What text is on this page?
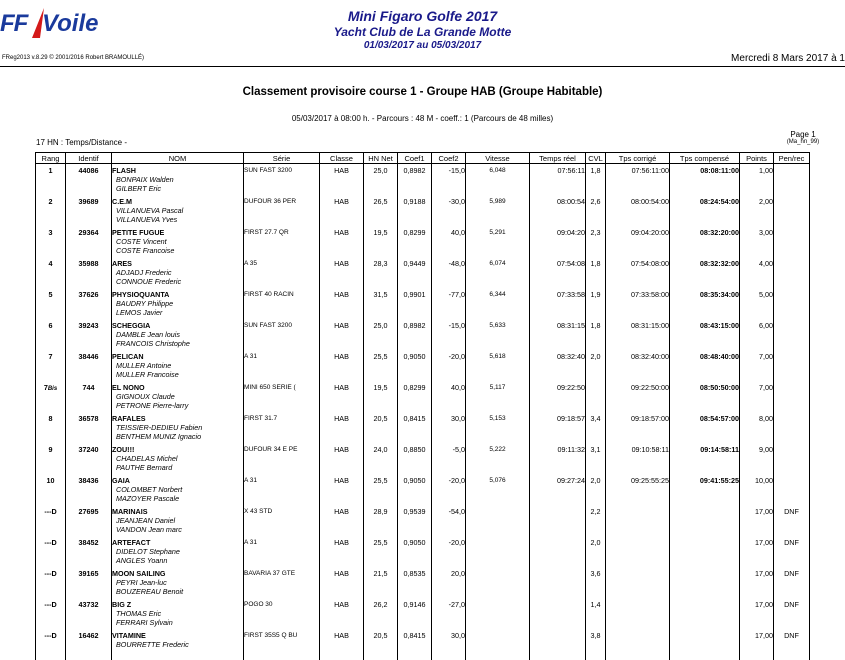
FF Voile
FReg2013 v.8.29 © 2001/2016 Robert BRAMOULLÉ)
Mini Figaro Golfe 2017
Yacht Club de La Grande Motte
01/03/2017 au 05/03/2017
Mercredi 8 Mars 2017 à 1
Classement provisoire course 1 - Groupe HAB (Groupe Habitable)
05/03/2017 à 08:00 h. - Parcours : 48 M - coeff.: 1 (Parcours de 48 milles)
17 HN : Temps/Distance -
Page 1
(Ma_hn_99)
Rang	Identif	NOM	Série	Classe	HN Net	Coef1	Coef2	Vitesse	Temps réel	CVL	Tps corrigé	Tps compensé	Points	Pen/rec

1	44086	FLASH
BONPAIX Walden
GILBERT Eric	SUN FAST 3200	HAB	25,0	0,8982	-15,0	6,048	07:56:11	1,8	07:56:11:00	08:08:11:00	1,00	

2	39689	C.E.M
VILLANUEVA Pascal
VILLANUEVA Yves	DUFOUR 36 PER	HAB	26,5	0,9188	-30,0	5,989	08:00:54	2,6	08:00:54:00	08:24:54:00	2,00	

3	29364	PETITE FUGUE
COSTE Vincent
COSTE Francoise	FIRST 27.7 QR	HAB	19,5	0,8299	40,0	5,291	09:04:20	2,3	09:04:20:00	08:32:20:00	3,00	

4	35988	ARES
ADJADJ Frederic
CONNOUE Frederic	A 35	HAB	28,3	0,9449	-48,0	6,074	07:54:08	1,8	07:54:08:00	08:32:32:00	4,00	

5	37626	PHYSIOQUANTA
BAUDRY Philippe
LEMOS Javier	FIRST 40 RACIN	HAB	31,5	0,9901	-77,0	6,344	07:33:58	1,9	07:33:58:00	08:35:34:00	5,00	

6	39243	SCHEGGIA
DAMBLE Jean louis
FRANCOIS Christophe	SUN FAST 3200	HAB	25,0	0,8982	-15,0	5,633	08:31:15	1,8	08:31:15:00	08:43:15:00	6,00	

7	38446	PELICAN
MULLER Antoine
MULLER Francoise	A 31	HAB	25,5	0,9050	-20,0	5,618	08:32:40	2,0	08:32:40:00	08:48:40:00	7,00	

7Bis	744	EL NONO
GIGNOUX Claude
PETRONE Pierre-larry	MINI 650 SERIE (	HAB	19,5	0,8299	40,0	5,117	09:22:50		09:22:50:00	08:50:50:00	7,00	

8	36578	RAFALES
TEISSIER-DEDIEU Fabien
BENTHEM MUNIZ Ignacio	FIRST 31.7	HAB	20,5	0,8415	30,0	5,153	09:18:57	3,4	09:18:57:00	08:54:57:00	8,00	

9	37240	ZOU!!!
CHADELAS Michel
PAUTHE Bernard	DUFOUR 34 E PE	HAB	24,0	0,8850	-5,0	5,222	09:11:32	3,1	09:10:58:11	09:14:58:11	9,00	

10	38436	GAIA
COLOMBET Norbert
MAZOYER Pascale	A 31	HAB	25,5	0,9050	-20,0	5,076	09:27:24	2,0	09:25:55:25	09:41:55:25	10,00	

---D	27695	MARINAIS
JEANJEAN Daniel
VANDON Jean marc	X 43 STD	HAB	28,9	0,9539	-54,0			2,2			17,00	DNF

---D	38452	ARTEFACT
DIDELOT Stephane
ANGLES Yoann	A 31	HAB	25,5	0,9050	-20,0			2,0			17,00	DNF

---D	39165	MOON SAILING
PEYRI Jean-luc
BOUZEREAU Benoit	BAVARIA 37 GTE	HAB	21,5	0,8535	20,0			3,6			17,00	DNF

---D	43732	BIG Z
THOMAS Eric
FERRARI Sylvain	POGO 30	HAB	26,2	0,9146	-27,0			1,4			17,00	DNF

---D	16462	VITAMINE
BOURRETTE Frederic	FIRST 35S5 Q BU	HAB	20,5	0,8415	30,0			3,8			17,00	DNF
